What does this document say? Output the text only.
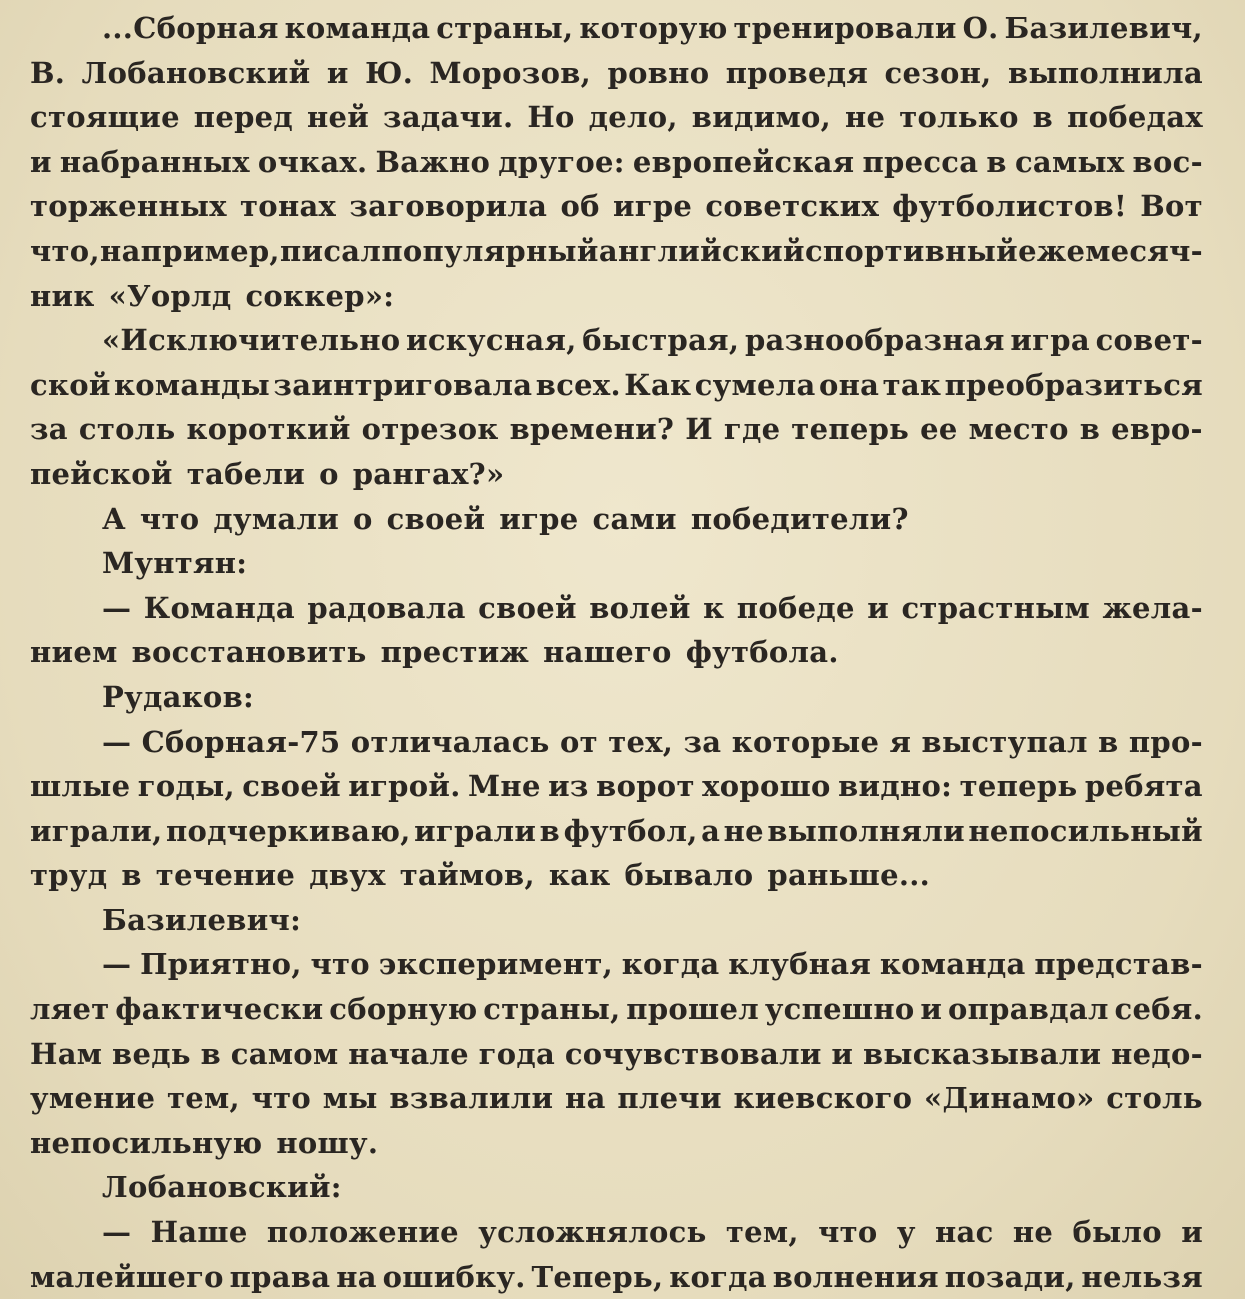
...Сборная команда страны, которую тренировали О. Базилевич,
В. Лобановский и Ю. Морозов, ровно проведя сезон, выполнила
стоящие перед ней задачи. Но дело, видимо, не только в победах
и набранных очках. Важно другое: европейская пресса в самых вос-
торженных тонах заговорила об игре советских футболистов! Вот
что, например, писал популярный английский спортивный ежемесяч-
ник «Уорлд соккер»:
«Исключительно искусная, быстрая, разнообразная игра совет-
ской команды заинтриговала всех. Как сумела она так преобразиться
за столь короткий отрезок времени? И где теперь ее место в евро-
пейской табели о рангах?»
А что думали о своей игре сами победители?
Мунтян:
— Команда радовала своей волей к победе и страстным жела-
нием восстановить престиж нашего футбола.
Рудаков:
— Сборная-75 отличалась от тех, за которые я выступал в про-
шлые годы, своей игрой. Мне из ворот хорошо видно: теперь ребята
играли, подчеркиваю, играли в футбол, а не выполняли непосильный
труд в течение двух таймов, как бывало раньше...
Базилевич:
— Приятно, что эксперимент, когда клубная команда представ-
ляет фактически сборную страны, прошел успешно и оправдал себя.
Нам ведь в самом начале года сочувствовали и высказывали недо-
умение тем, что мы взвалили на плечи киевского «Динамо» столь
непосильную ношу.
Лобановский:
— Наше положение усложнялось тем, что у нас не было и
малейшего права на ошибку. Теперь, когда волнения позади, нельзя
